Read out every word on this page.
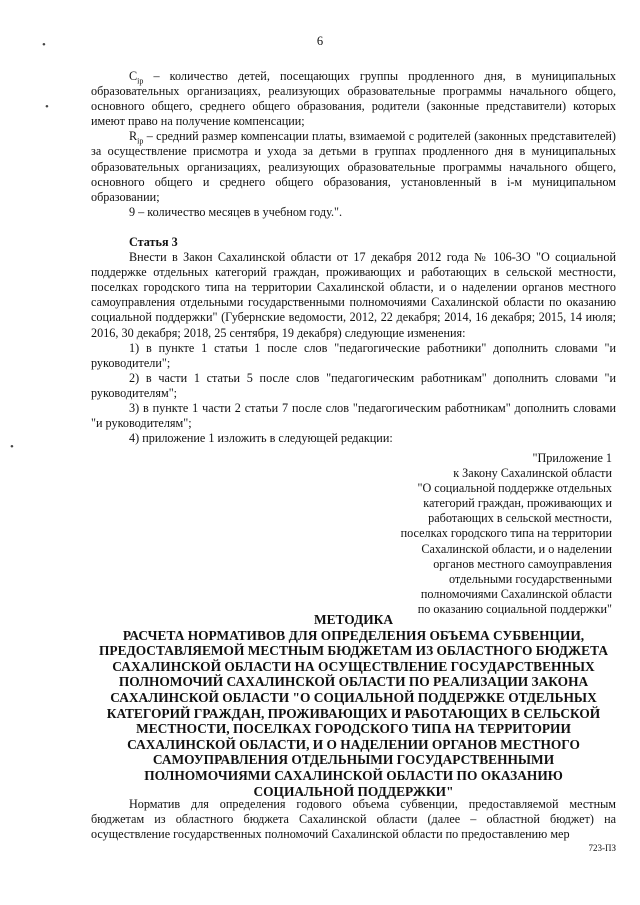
6
•
•
•

$C_{ip}$ – количество детей, посещающих группы продленного дня, в муниципальных образовательных организациях, реализующих образовательные программы начального общего, основного общего, среднего общего образования, родители (законные представители) которых имеют право на получение компенсации;

$R_{ip}$ – средний размер компенсации платы, взимаемой с родителей (законных представителей) за осуществление присмотра и ухода за детьми в группах продленного дня в муниципальных образовательных организациях, реализующих образовательные программы начального общего, основного общего и среднего общего образования, установленный в i-м муниципальном образовании;

9 – количество месяцев в учебном году.".

Статья 3

Внести в Закон Сахалинской области от 17 декабря 2012 года № 106-ЗО "О социальной поддержке отдельных категорий граждан, проживающих и работающих в сельской местности, поселках городского типа на территории Сахалинской области, и о наделении органов местного самоуправления отдельными государственными полномочиями Сахалинской области по оказанию социальной поддержки" (Губернские ведомости, 2012, 22 декабря; 2014, 16 декабря; 2015, 14 июля; 2016, 30 декабря; 2018, 25 сентября, 19 декабря) следующие изменения:

1) в пункте 1 статьи 1 после слов "педагогические работники" дополнить словами "и руководители";

2) в части 1 статьи 5 после слов "педагогическим работникам" дополнить словами "и руководителям";

3) в пункте 1 части 2 статьи 7 после слов "педагогическим работникам" дополнить словами "и руководителям";

4) приложение 1 изложить в следующей редакции:

"Приложение 1
к Закону Сахалинской области
"О социальной поддержке отдельных
категорий граждан, проживающих и
работающих в сельской местности,
поселках городского типа на территории
Сахалинской области, и о наделении
органов местного самоуправления
отдельными государственными
полномочиями Сахалинской области
по оказанию социальной поддержки"
МЕТОДИКА
РАСЧЕТА НОРМАТИВОВ ДЛЯ ОПРЕДЕЛЕНИЯ ОБЪЕМА СУБВЕНЦИИ,
ПРЕДОСТАВЛЯЕМОЙ МЕСТНЫМ БЮДЖЕТАМ ИЗ ОБЛАСТНОГО БЮДЖЕТА
САХАЛИНСКОЙ ОБЛАСТИ НА ОСУЩЕСТВЛЕНИЕ ГОСУДАРСТВЕННЫХ
ПОЛНОМОЧИЙ САХАЛИНСКОЙ ОБЛАСТИ ПО РЕАЛИЗАЦИИ ЗАКОНА
САХАЛИНСКОЙ ОБЛАСТИ "О СОЦИАЛЬНОЙ ПОДДЕРЖКЕ ОТДЕЛЬНЫХ
КАТЕГОРИЙ ГРАЖДАН, ПРОЖИВАЮЩИХ И РАБОТАЮЩИХ В СЕЛЬСКОЙ
МЕСТНОСТИ, ПОСЕЛКАХ ГОРОДСКОГО ТИПА НА ТЕРРИТОРИИ
САХАЛИНСКОЙ ОБЛАСТИ, И О НАДЕЛЕНИИ ОРГАНОВ МЕСТНОГО
САМОУПРАВЛЕНИЯ ОТДЕЛЬНЫМИ ГОСУДАРСТВЕННЫМИ
ПОЛНОМОЧИЯМИ САХАЛИНСКОЙ ОБЛАСТИ ПО ОКАЗАНИЮ
СОЦИАЛЬНОЙ ПОДДЕРЖКИ"

Норматив для определения годового объема субвенции, предоставляемой местным бюджетам из областного бюджета Сахалинской области (далее – областной бюджет) на осуществление государственных полномочий Сахалинской области по предоставлению мер

723-ПЗ
